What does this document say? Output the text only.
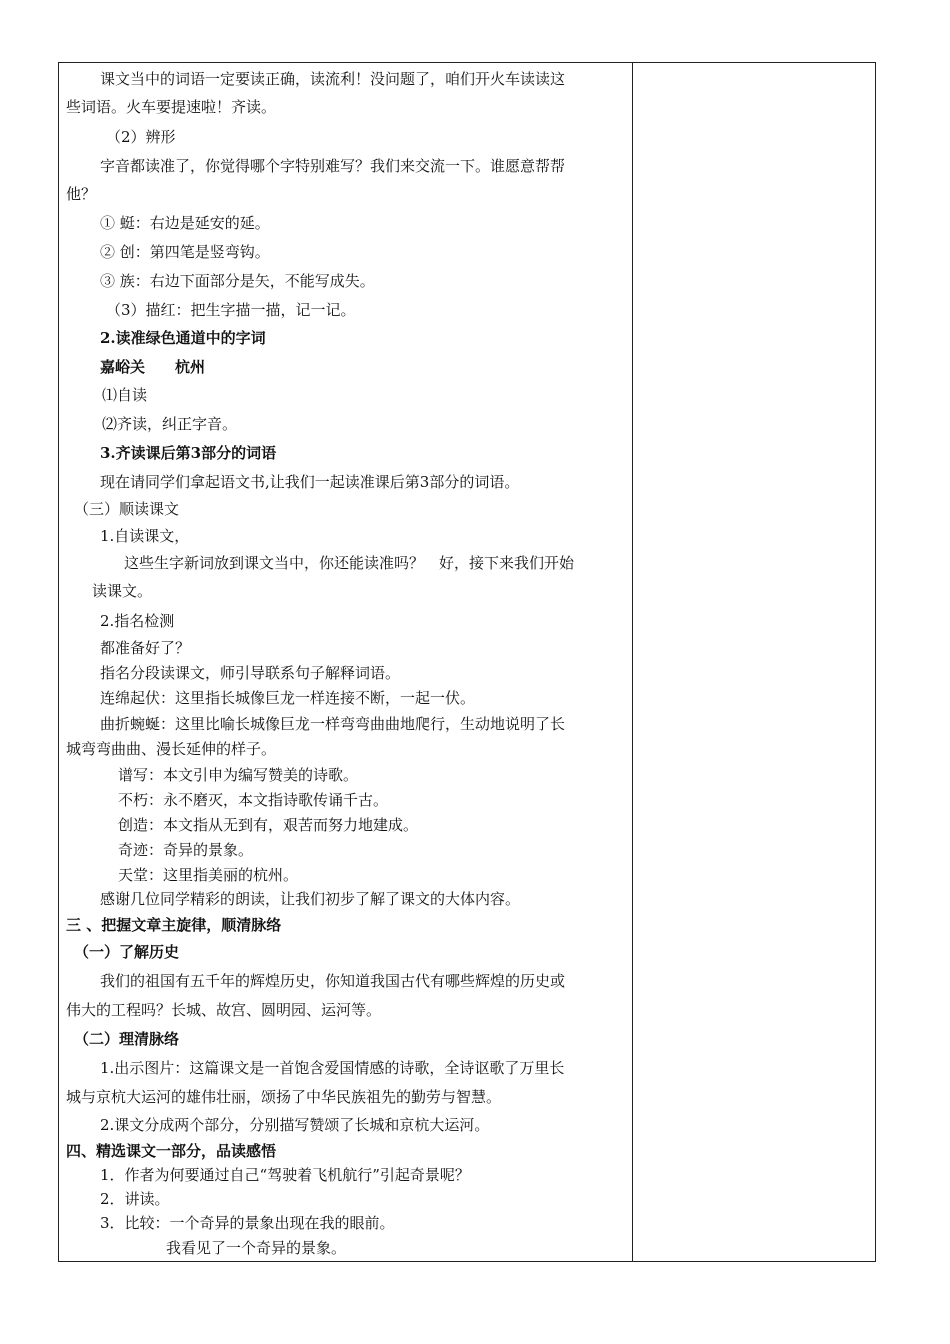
课文当中的词语一定要读正确，读流利！没问题了，咱们开火车读读这
些词语。火车要提速啦！齐读。
（2）辨形
字音都读准了，你觉得哪个字特别难写？我们来交流一下。谁愿意帮帮
他？
① 蜓：右边是延安的延。
② 创：第四笔是竖弯钩。
③ 族：右边下面部分是矢，不能写成失。
（3）描红：把生字描一描，记一记。
2.读准绿色通道中的字词
嘉峪关　　杭州
⑴自读
⑵齐读，纠正字音。
3.齐读课后第3部分的词语
现在请同学们拿起语文书,让我们一起读准课后第3部分的词语。
（三）顺读课文
1.自读课文，
这些生字新词放到课文当中，你还能读准吗？　好，接下来我们开始
读课文。
2.指名检测
都准备好了？
指名分段读课文，师引导联系句子解释词语。
连绵起伏：这里指长城像巨龙一样连接不断，一起一伏。
曲折蜿蜒：这里比喻长城像巨龙一样弯弯曲曲地爬行，生动地说明了长
城弯弯曲曲、漫长延伸的样子。
谱写：本文引申为编写赞美的诗歌。
不朽：永不磨灭，本文指诗歌传诵千古。
创造：本文指从无到有，艰苦而努力地建成。
奇迹：奇异的景象。
天堂：这里指美丽的杭州。
感谢几位同学精彩的朗读，让我们初步了解了课文的大体内容。
三 、把握文章主旋律，顺清脉络
（一）了解历史
我们的祖国有五千年的辉煌历史，你知道我国古代有哪些辉煌的历史或
伟大的工程吗？长城、故宫、圆明园、运河等。
（二）理清脉络
1.出示图片：这篇课文是一首饱含爱国情感的诗歌，全诗讴歌了万里长
城与京杭大运河的雄伟壮丽，颂扬了中华民族祖先的勤劳与智慧。
2.课文分成两个部分，分别描写赞颂了长城和京杭大运河。
四、精选课文一部分，品读感悟
1．作者为何要通过自己“驾驶着飞机航行”引起奇景呢？
2．讲读。
3．比较：一个奇异的景象出现在我的眼前。
我看见了一个奇异的景象。
